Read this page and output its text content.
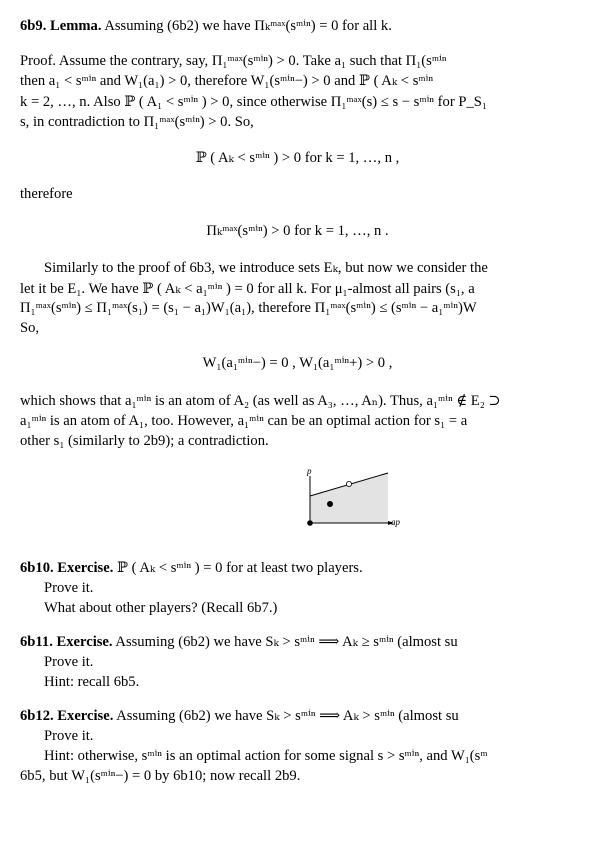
6b9. Lemma. Assuming (6b2) we have Πₖᵐᵃˣ(sᵐⁱⁿ) = 0 for all k.
Proof. Assume the contrary, say, Π₁ᵐᵃˣ(sᵐⁱⁿ) > 0. Take a₁ such that Π₁(sᵐⁱⁿ
then a₁ < sᵐⁱⁿ and W₁(a₁) > 0, therefore W₁(sᵐⁱⁿ−) > 0 and ℙ ( Aₖ < sᵐⁱⁿ
k = 2, …, n. Also ℙ ( A₁ < sᵐⁱⁿ ) > 0, since otherwise Π₁ᵐᵃˣ(s) ≤ s − sᵐⁱⁿ for P_S₁
s, in contradiction to Π₁ᵐᵃˣ(sᵐⁱⁿ) > 0. So,
ℙ ( Aₖ < sᵐⁱⁿ ) > 0 for k = 1, …, n ,
therefore
Πₖᵐᵃˣ(sᵐⁱⁿ) > 0 for k = 1, …, n .
Similarly to the proof of 6b3, we introduce sets Eₖ, but now we consider the
let it be E₁. We have ℙ ( Aₖ < a₁ᵐⁱⁿ ) = 0 for all k. For μ₁-almost all pairs (s₁, a
Π₁ᵐᵃˣ(sᵐⁱⁿ) ≤ Π₁ᵐᵃˣ(s₁) = (s₁ − a₁)W₁(a₁), therefore Π₁ᵐᵃˣ(sᵐⁱⁿ) ≤ (sᵐⁱⁿ − a₁ᵐⁱⁿ)W
So,
W₁(a₁ᵐⁱⁿ−) = 0 , W₁(a₁ᵐⁱⁿ+) > 0 ,
which shows that a₁ᵐⁱⁿ is an atom of A₂ (as well as A₃, …, Aₙ). Thus, a₁ᵐⁱⁿ ∉ E₂ ⊃
a₁ᵐⁱⁿ is an atom of A₁, too. However, a₁ᵐⁱⁿ can be an optimal action for s₁ = a
other s₁ (similarly to 2b9); a contradiction.
p
ap
6b10. Exercise. ℙ ( Aₖ < sᵐⁱⁿ ) = 0 for at least two players.
Prove it.
What about other players? (Recall 6b7.)
6b11. Exercise. Assuming (6b2) we have Sₖ > sᵐⁱⁿ ⟹ Aₖ ≥ sᵐⁱⁿ (almost su
Prove it.
Hint: recall 6b5.
6b12. Exercise. Assuming (6b2) we have Sₖ > sᵐⁱⁿ ⟹ Aₖ > sᵐⁱⁿ (almost su
Prove it.
Hint: otherwise, sᵐⁱⁿ is an optimal action for some signal s > sᵐⁱⁿ, and W₁(sᵐ
6b5, but W₁(sᵐⁱⁿ−) = 0 by 6b10; now recall 2b9.
